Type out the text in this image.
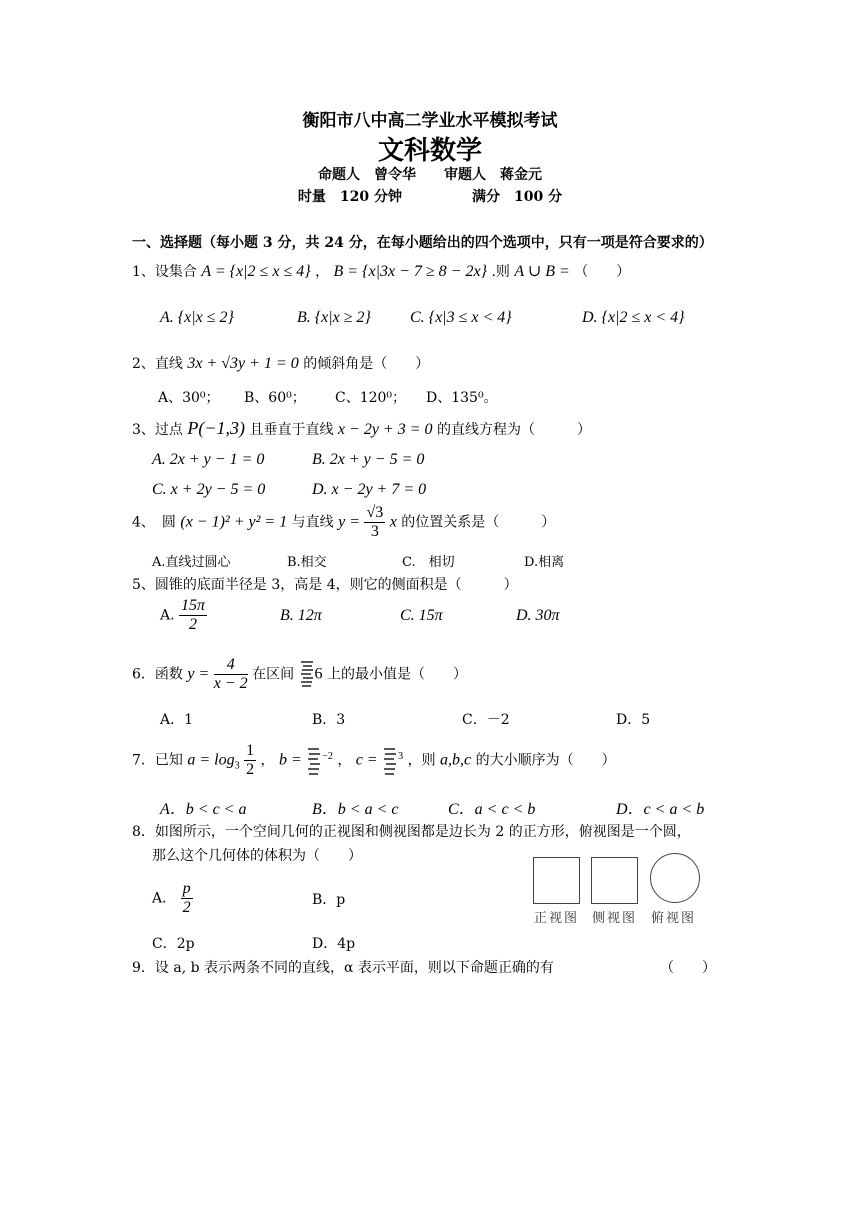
衡阳市八中高二学业水平模拟考试
文科数学
命题人　曾令华　　审题人　蒋金元
时量　120 分钟　　　　　满分　100 分
一、选择题（每小题 3 分，共 24 分，在每小题给出的四个选项中，只有一项是符合要求的）
1、设集合 A = {x|2 ≤ x ≤ 4} ， B = {x|3x − 7 ≥ 8 − 2x} .则 A ∪ B = （　　）
A. {x|x ≤ 2}	B. {x|x ≥ 2} C. {x|3 ≤ x < 4}	D. {x|2 ≤ x < 4}
2、直线 3x + √3y + 1 = 0 的倾斜角是（　　）
A、30⁰； B、60⁰； C、120⁰； D、135⁰。
3、过点 P(−1,3) 且垂直于直线 x − 2y + 3 = 0 的直线方程为（　　　）
A. 2x + y − 1 = 0	B. 2x + y − 5 = 0
C. x + 2y − 5 = 0	D. x − 2y + 7 = 0
4、　圆 (x − 1)² + y² = 1 与直线 $y = \frac{√3}{3}$ x 的位置关系是（　　　）
A.直线过圆心	B.相交	C.　相切	D.相离
5、圆锥的底面半径是 3，高是 4，则它的侧面积是（　　　）
A. $\frac{15\pi}{2}$	B. 12π	C. 15π	D. 30π
6．函数 $y = \frac{4}{x - 2}$ 在区间 6 上的最小值是（　　）
A．1	B．3	C．－2	D．5
7．已知 $a = \log_3 \frac{1}{2}$ ， b = $^{-2}$ ， c = $^3$ ，则 a,b,c 的大小顺序为（　　）
A．b < c < a	B．b < a < c	C．a < c < b	D．c < a < b
8．如图所示，一个空间几何的正视图和侧视图都是边长为 2 的正方形，俯视图是一个圆，
那么这个几何体的体积为（　　）
A． $\frac{p}{2}$	B．p
C．2p	D．4p
正视图 侧视图 俯视图
9．设 a, b 表示两条不同的直线，α 表示平面，则以下命题正确的有	（　　）
